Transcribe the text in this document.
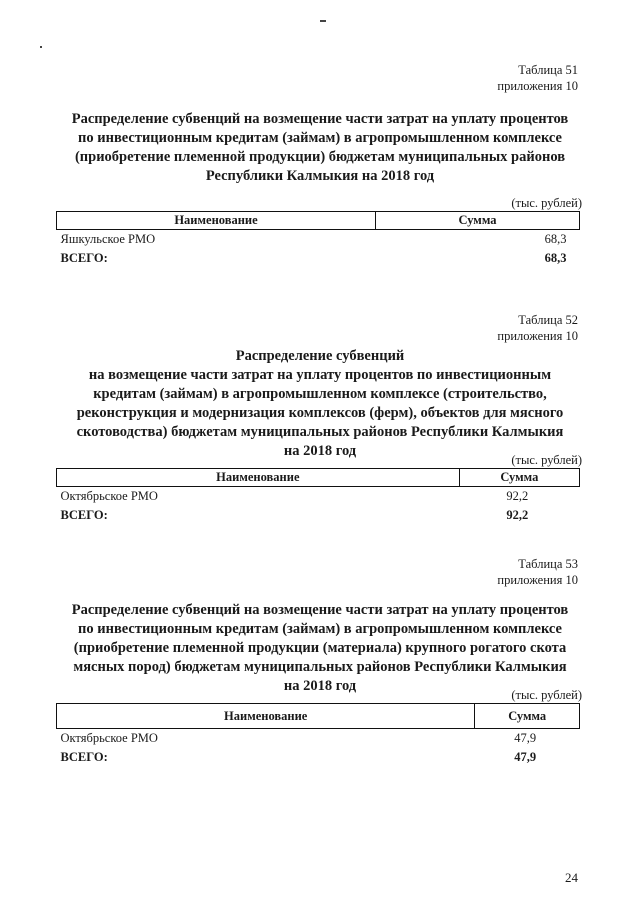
Таблица 51
приложения 10
Распределение субвенций на возмещение части затрат на уплату процентов
по инвестиционным кредитам (займам) в агропромышленном комплексе
(приобретение племенной продукции) бюджетам муниципальных районов
Республики Калмыкия на 2018 год
(тыс. рублей)
Наименование	Сумма
Яшкульское РМО	68,3
ВСЕГО:	68,3
Таблица 52
приложения 10
Распределение субвенций
на возмещение части затрат на уплату процентов по инвестиционным
кредитам (займам) в агропромышленном комплексе (строительство,
реконструкция и модернизация комплексов (ферм), объектов для мясного
скотоводства) бюджетам муниципальных районов Республики Калмыкия
на 2018 год
(тыс. рублей)
Наименование	Сумма
Октябрьское РМО	92,2
ВСЕГО:	92,2
Таблица 53
приложения 10
Распределение субвенций на возмещение части затрат на уплату процентов
по инвестиционным кредитам (займам) в агропромышленном комплексе
(приобретение племенной продукции (материала) крупного рогатого скота
мясных пород) бюджетам муниципальных районов Республики Калмыкия
на 2018 год
(тыс. рублей)
Наименование	Сумма
Октябрьское РМО	47,9
ВСЕГО:	47,9
24
